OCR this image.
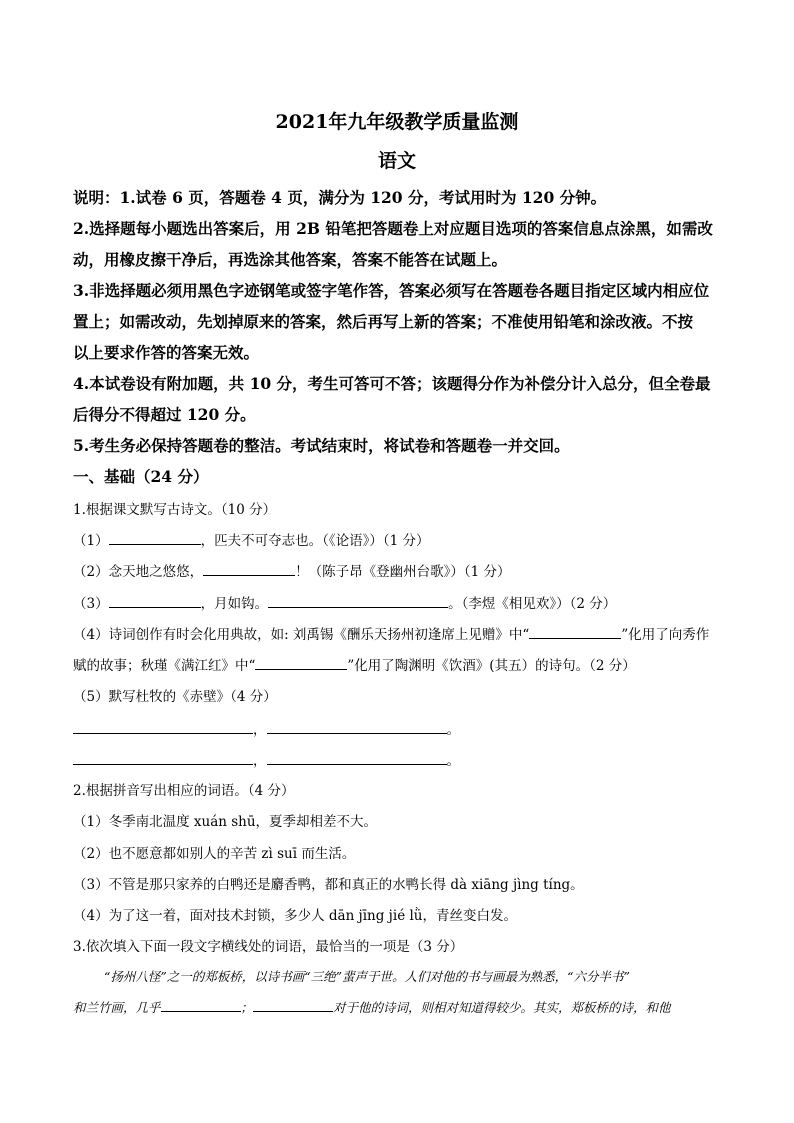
2021年九年级教学质量监测
语文
说明：1.试卷 6 页，答题卷 4 页，满分为 120 分，考试用时为 120 分钟。
2.选择题每小题选出答案后，用 2B 铅笔把答题卷上对应题目选项的答案信息点涂黑，如需改
动，用橡皮擦干净后，再选涂其他答案，答案不能答在试题上。
3.非选择题必须用黑色字迹钢笔或签字笔作答，答案必须写在答题卷各题目指定区域内相应位
置上；如需改动，先划掉原来的答案，然后再写上新的答案；不准使用铅笔和涂改液。不按
以上要求作答的答案无效。
4.本试卷设有附加题，共 10 分，考生可答可不答；该题得分作为补偿分计入总分，但全卷最
后得分不得超过 120 分。
5.考生务必保持答题卷的整洁。考试结束时，将试卷和答题卷一并交回。
一、基础（24 分）
1.根据课文默写古诗文。（10 分）
（1）	，匹夫不可夺志也。（《论语》）（1 分）
（2）念天地之悠悠，	！（陈子昂《登幽州台歌》）（1 分）
（3）	，月如钩。	。（李煜《相见欢》）（2 分）
（4）诗词创作有时会化用典故，如: 刘禹锡《酬乐天扬州初逢席上见赠》中“	”化用了向秀作
赋的故事；秋瑾《满江红》中“	”化用了陶渊明《饮酒》(其五）的诗句。（2 分）
（5）默写杜牧的《赤壁》（4 分）
，	。
，	。
2.根据拼音写出相应的词语。（4 分）
（1）冬季南北温度 xuán shū，夏季却相差不大。
（2）也不愿意都如别人的辛苦 zì suī 而生活。
（3）不管是那只家养的白鸭还是麝香鸭，都和真正的水鸭长得 dà xiāng jìng tíng。
（4）为了这一着，面对技术封锁，多少人 dān jīng jié lǜ，青丝变白发。
3.依次填入下面一段文字横线处的词语，最恰当的一项是（3 分）
“扬州八怪”之一的郑板桥，以诗书画“三绝”蜚声于世。人们对他的书与画最为熟悉，“六分半书”
和兰竹画，几乎	；	对于他的诗词，则相对知道得较少。其实，郑板桥的诗，和他
